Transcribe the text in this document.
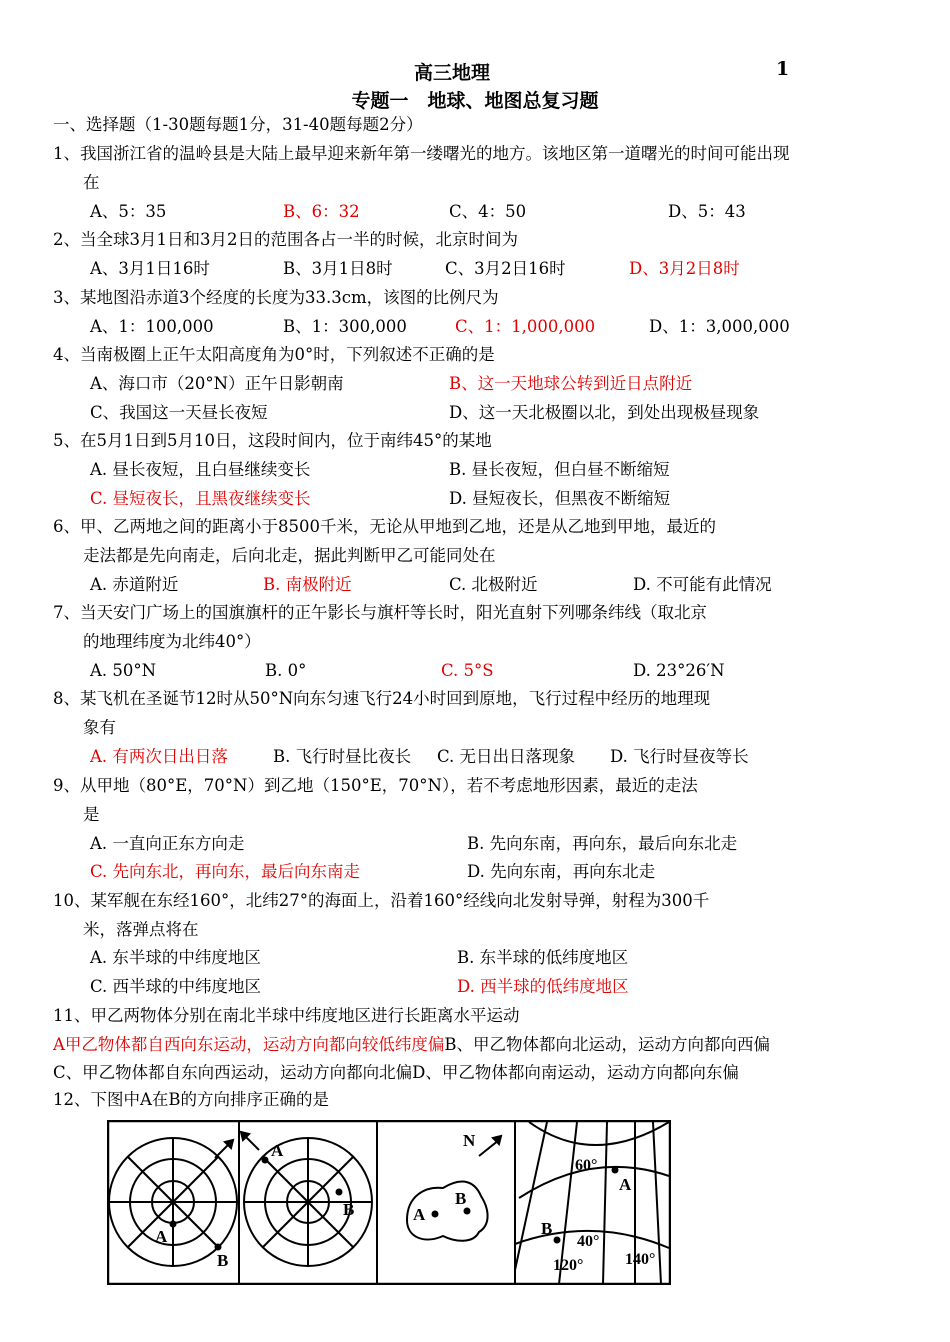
高三地理	1
专题一　地球、地图总复习题
一、选择题（1-30题每题1分，31-40题每题2分）
1、我国浙江省的温岭县是大陆上最早迎来新年第一缕曙光的地方。该地区第一道曙光的时间可能出现
在
A、5：35	B、6：32	C、4：50	D、5：43
2、当全球3月1日和3月2日的范围各占一半的时候，北京时间为
A、3月1日16时	B、3月1日8时	C、3月2日16时	D、3月2日8时
3、某地图沿赤道3个经度的长度为33.3cm，该图的比例尺为
A、1：100,000	B、1：300,000	C、1：1,000,000	D、1：3,000,000
4、当南极圈上正午太阳高度角为0°时，下列叙述不正确的是
A、海口市（20°N）正午日影朝南	B、这一天地球公转到近日点附近
C、我国这一天昼长夜短	D、这一天北极圈以北，到处出现极昼现象
5、在5月1日到5月10日，这段时间内，位于南纬45°的某地
A. 昼长夜短，且白昼继续变长	B. 昼长夜短，但白昼不断缩短
C. 昼短夜长，且黑夜继续变长	D. 昼短夜长，但黑夜不断缩短
6、甲、乙两地之间的距离小于8500千米，无论从甲地到乙地，还是从乙地到甲地，最近的
走法都是先向南走，后向北走，据此判断甲乙可能同处在
A. 赤道附近	B. 南极附近	C. 北极附近	D. 不可能有此情况
7、当天安门广场上的国旗旗杆的正午影长与旗杆等长时，阳光直射下列哪条纬线（取北京
的地理纬度为北纬40°）
A. 50°N	B. 0°	C. 5°S	D. 23°26′N
8、某飞机在圣诞节12时从50°N向东匀速飞行24小时回到原地，飞行过程中经历的地理现
象有
A. 有两次日出日落	B. 飞行时昼比夜长 C. 无日出日落现象 D. 飞行时昼夜等长
9、从甲地（80°E，70°N）到乙地（150°E，70°N），若不考虑地形因素，最近的走法
是
A. 一直向正东方向走	B. 先向东南，再向东，最后向东北走
C. 先向东北，再向东，最后向东南走	D. 先向东南，再向东北走
10、某军舰在东经160°，北纬27°的海面上，沿着160°经线向北发射导弹，射程为300千
米，落弹点将在
A. 东半球的中纬度地区	B. 东半球的低纬度地区
C. 西半球的中纬度地区	D. 西半球的低纬度地区
11、甲乙两物体分别在南北半球中纬度地区进行长距离水平运动
A甲乙物体都自西向东运动，运动方向都向较低纬度偏B、甲乙物体都向北运动，运动方向都向西偏
C、甲乙物体都自东向西运动，运动方向都向北偏D、甲乙物体都向南运动，运动方向都向东偏
12、下图中A在B的方向排序正确的是
A
B
A
B
N
A
B
A
B
60°
40°
120°	140°
